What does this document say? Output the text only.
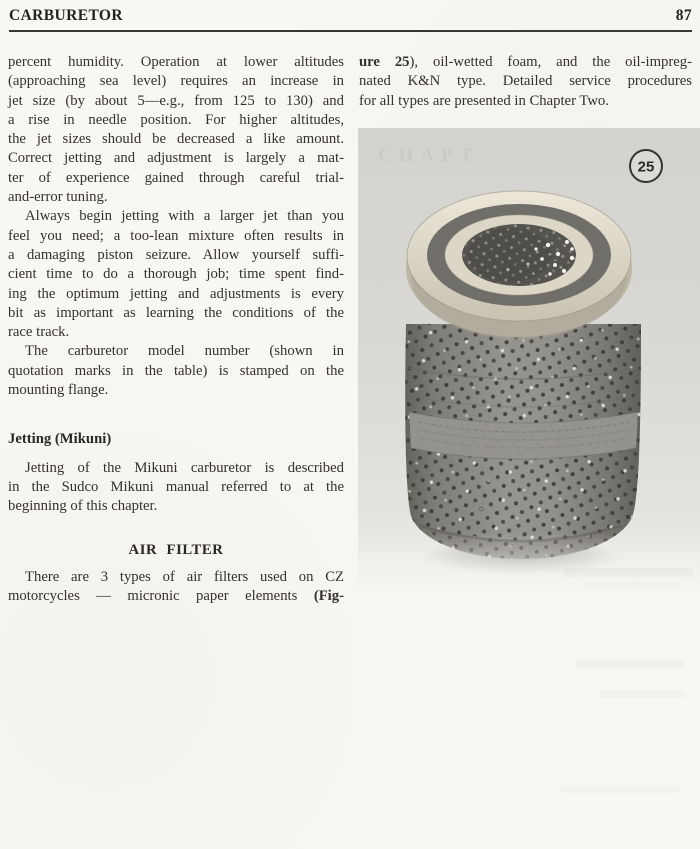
CARBURETOR	87
percent humidity. Operation at lower altitudes
(approaching sea level) requires an increase in
jet size (by about 5—e.g., from 125 to 130) and
a rise in needle position. For higher altitudes,
the jet sizes should be decreased a like amount.
Correct jetting and adjustment is largely a mat-
ter of experience gained through careful trial-
and-error tuning.
Always begin jetting with a larger jet than you
feel you need; a too-lean mixture often results in
a damaging piston seizure. Allow yourself suffi-
cient time to do a thorough job; time spent find-
ing the optimum jetting and adjustments is every
bit as important as learning the conditions of the
race track.
The carburetor model number (shown in
quotation marks in the table) is stamped on the
mounting flange.
Jetting (Mikuni)
Jetting of the Mikuni carburetor is described
in the Sudco Mikuni manual referred to at the
beginning of this chapter.
AIR FILTER
There are 3 types of air filters used on CZ
motorcycles — micronic paper elements (Fig-
ure 25), oil-wetted foam, and the oil-impreg-
nated K&N type. Detailed service procedures
for all types are presented in Chapter Two.
CHAPT
25
